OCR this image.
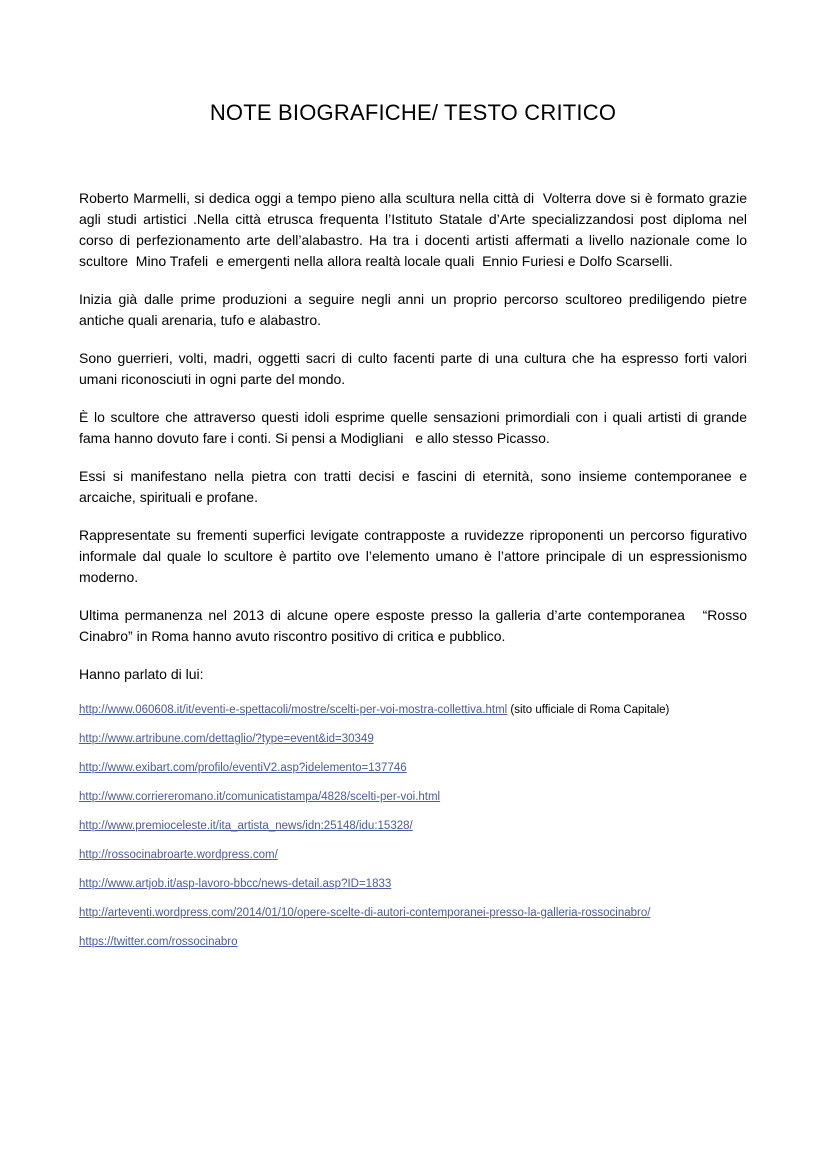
NOTE BIOGRAFICHE/ TESTO CRITICO

Roberto Marmelli, si dedica oggi a tempo pieno alla scultura nella città di  Volterra dove si è formato grazie agli studi artistici .Nella città etrusca frequenta l’Istituto Statale d’Arte specializzandosi post diploma nel corso di perfezionamento arte dell’alabastro. Ha tra i docenti artisti affermati a livello nazionale come lo scultore  Mino Trafeli  e emergenti nella allora realtà locale quali  Ennio Furiesi e Dolfo Scarselli.

Inizia già dalle prime produzioni a seguire negli anni un proprio percorso scultoreo prediligendo pietre antiche quali arenaria, tufo e alabastro.

Sono guerrieri, volti, madri, oggetti sacri di culto facenti parte di una cultura che ha espresso forti valori umani riconosciuti in ogni parte del mondo.

È lo scultore che attraverso questi idoli esprime quelle sensazioni primordiali con i quali artisti di grande fama hanno dovuto fare i conti. Si pensi a Modigliani   e allo stesso Picasso.

Essi si manifestano nella pietra con tratti decisi e fascini di eternità, sono insieme contemporanee e arcaiche, spirituali e profane.

Rappresentate su frementi superfici levigate contrapposte a ruvidezze riproponenti un percorso figurativo informale dal quale lo scultore è partito ove l’elemento umano è l’attore principale di un espressionismo moderno.

Ultima permanenza nel 2013 di alcune opere esposte presso la galleria d’arte contemporanea   “Rosso Cinabro” in Roma hanno avuto riscontro positivo di critica e pubblico.

Hanno parlato di lui:

http://www.060608.it/it/eventi-e-spettacoli/mostre/scelti-per-voi-mostra-collettiva.html (sito ufficiale di Roma Capitale)
http://www.artribune.com/dettaglio/?type=event&id=30349
http://www.exibart.com/profilo/eventiV2.asp?idelemento=137746
http://www.corriereromano.it/comunicatistampa/4828/scelti-per-voi.html
http://www.premioceleste.it/ita_artista_news/idn:25148/idu:15328/
http://rossocinabroarte.wordpress.com/
http://www.artjob.it/asp-lavoro-bbcc/news-detail.asp?ID=1833
http://arteventi.wordpress.com/2014/01/10/opere-scelte-di-autori-contemporanei-presso-la-galleria-rossocinabro/
https://twitter.com/rossocinabro
